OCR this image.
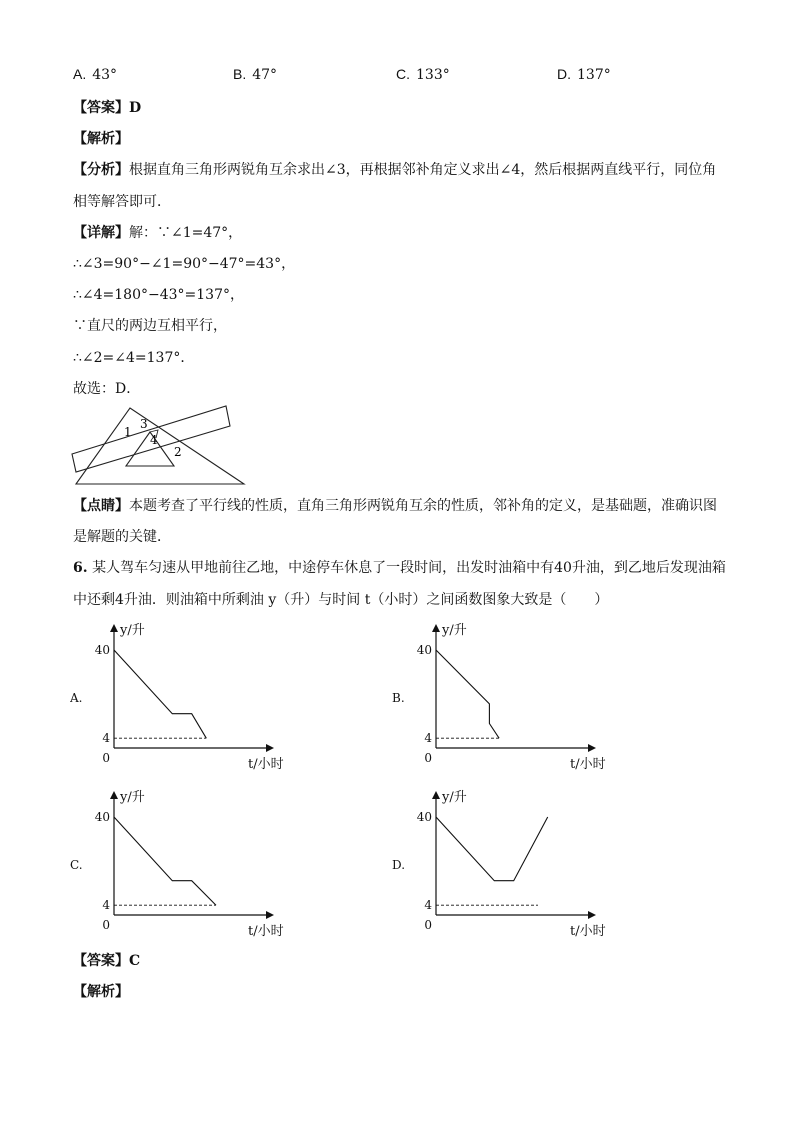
A. 43°	B. 47°	C. 133°	D. 137°
【答案】D
【解析】
【分析】根据直角三角形两锐角互余求出∠3，再根据邻补角定义求出∠4，然后根据两直线平行，同位角
相等解答即可．
【详解】解：∵∠1=47°，
∴∠3=90°−∠1=90°−47°=43°，
∴∠4=180°−43°=137°，
∵直尺的两边互相平行，
∴∠2=∠4=137°．
故选：D．
1
3
4
2
【点睛】本题考查了平行线的性质，直角三角形两锐角互余的性质，邻补角的定义，是基础题，准确识图
是解题的关键．
6. 某人驾车匀速从甲地前往乙地，中途停车休息了一段时间，出发时油箱中有40升油，到乙地后发现油箱
中还剩4升油．则油箱中所剩油 y（升）与时间 t（小时）之间函数图象大致是（　　）
y/升
t/小时
40
4
0
A.
y/升
t/小时
40
4
0
B.
y/升
t/小时
40
4
0
C.
y/升
t/小时
40
4
0
D.
【答案】C
【解析】
